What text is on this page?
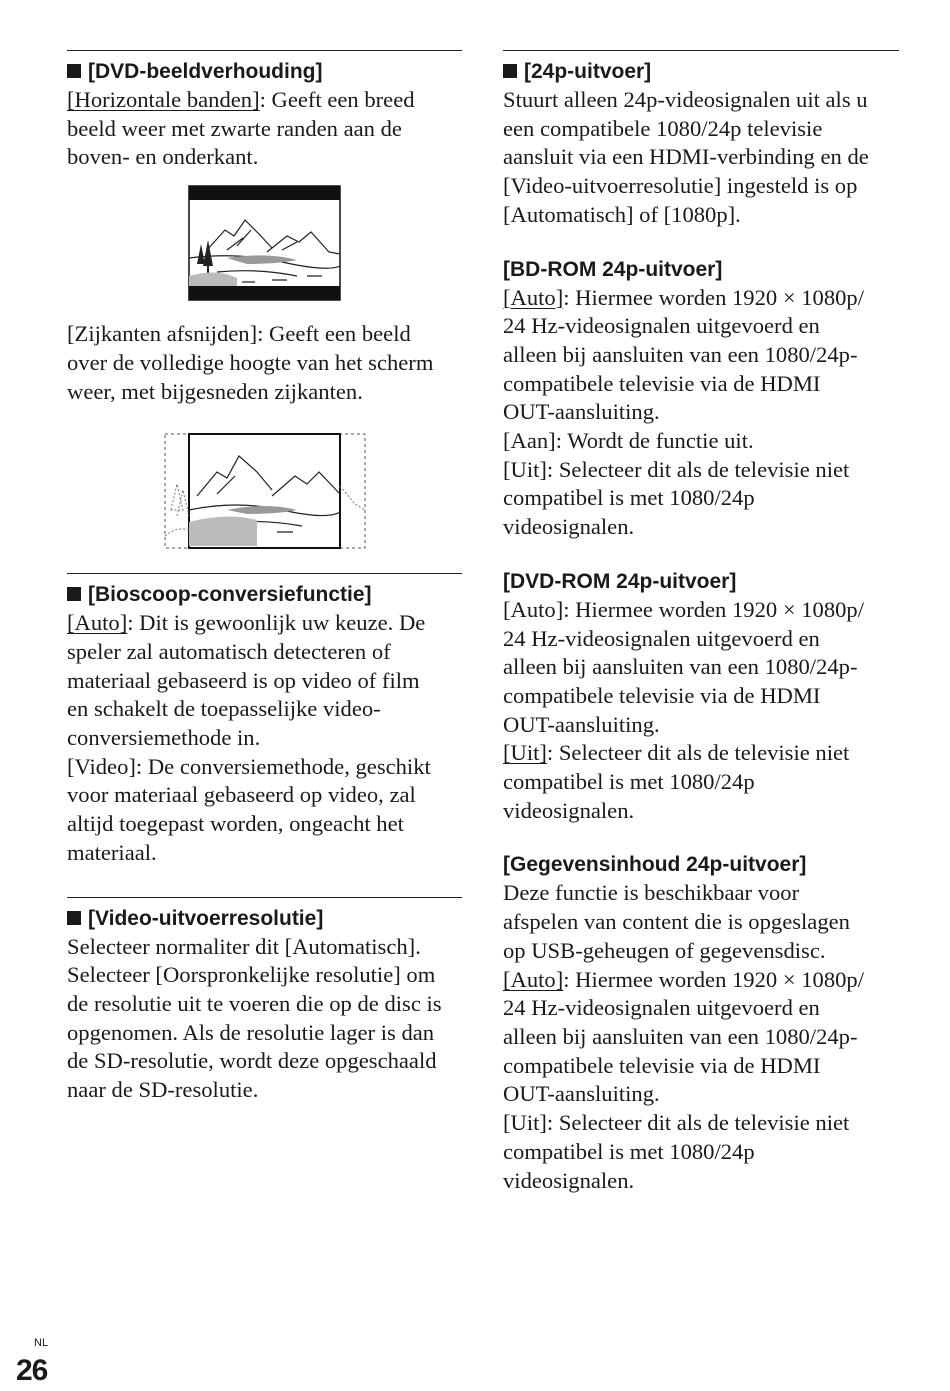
[DVD-beeldverhouding]

[Horizontale banden]: Geeft een breed

beeld weer met zwarte randen aan de

boven- en onderkant.

[Zijkanten afsnijden]: Geeft een beeld

over de volledige hoogte van het scherm

weer, met bijgesneden zijkanten.

[Bioscoop-conversiefunctie]

[Auto]: Dit is gewoonlijk uw keuze. De

speler zal automatisch detecteren of

materiaal gebaseerd is op video of film

en schakelt de toepasselijke video-

conversiemethode in.

[Video]: De conversiemethode, geschikt

voor materiaal gebaseerd op video, zal

altijd toegepast worden, ongeacht het

materiaal.

[Video-uitvoerresolutie]

Selecteer normaliter dit [Automatisch].

Selecteer [Oorspronkelijke resolutie] om

de resolutie uit te voeren die op de disc is

opgenomen. Als de resolutie lager is dan

de SD-resolutie, wordt deze opgeschaald

naar de SD-resolutie.

[24p-uitvoer]

Stuurt alleen 24p-videosignalen uit als u

een compatibele 1080/24p televisie

aansluit via een HDMI-verbinding en de

[Video-uitvoerresolutie] ingesteld is op

[Automatisch] of [1080p].

[BD-ROM 24p-uitvoer]

[Auto]: Hiermee worden 1920 × 1080p/

24 Hz-videosignalen uitgevoerd en

alleen bij aansluiten van een 1080/24p-

compatibele televisie via de HDMI

OUT-aansluiting.

[Aan]: Wordt de functie uit.

[Uit]: Selecteer dit als de televisie niet

compatibel is met 1080/24p

videosignalen.

[DVD-ROM 24p-uitvoer]

[Auto]: Hiermee worden 1920 × 1080p/

24 Hz-videosignalen uitgevoerd en

alleen bij aansluiten van een 1080/24p-

compatibele televisie via de HDMI

OUT-aansluiting.

[Uit]: Selecteer dit als de televisie niet

compatibel is met 1080/24p

videosignalen.

[Gegevensinhoud 24p-uitvoer]

Deze functie is beschikbaar voor

afspelen van content die is opgeslagen

op USB-geheugen of gegevensdisc.

[Auto]: Hiermee worden 1920 × 1080p/

24 Hz-videosignalen uitgevoerd en

alleen bij aansluiten van een 1080/24p-

compatibele televisie via de HDMI

OUT-aansluiting.

[Uit]: Selecteer dit als de televisie niet

compatibel is met 1080/24p

videosignalen.

NL
26
